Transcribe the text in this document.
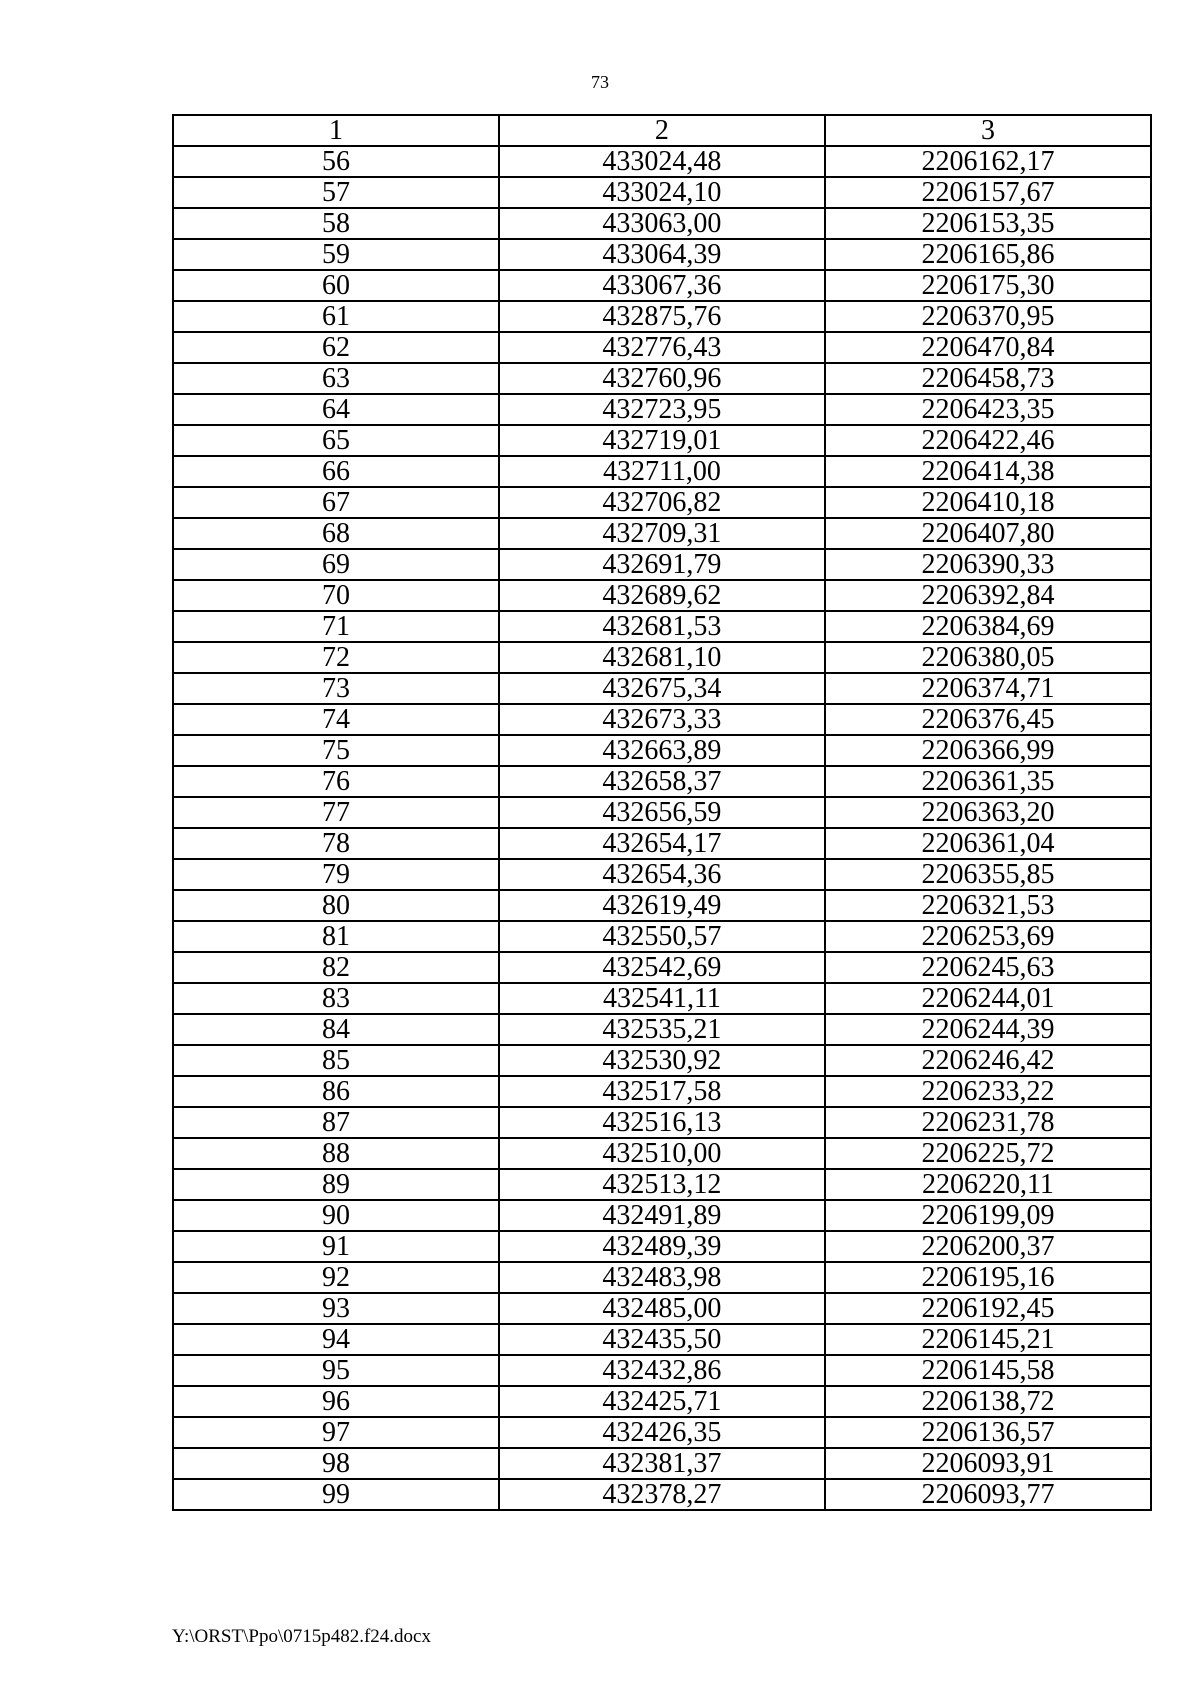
73
1	2	3
56	433024,48	2206162,17
57	433024,10	2206157,67
58	433063,00	2206153,35
59	433064,39	2206165,86
60	433067,36	2206175,30
61	432875,76	2206370,95
62	432776,43	2206470,84
63	432760,96	2206458,73
64	432723,95	2206423,35
65	432719,01	2206422,46
66	432711,00	2206414,38
67	432706,82	2206410,18
68	432709,31	2206407,80
69	432691,79	2206390,33
70	432689,62	2206392,84
71	432681,53	2206384,69
72	432681,10	2206380,05
73	432675,34	2206374,71
74	432673,33	2206376,45
75	432663,89	2206366,99
76	432658,37	2206361,35
77	432656,59	2206363,20
78	432654,17	2206361,04
79	432654,36	2206355,85
80	432619,49	2206321,53
81	432550,57	2206253,69
82	432542,69	2206245,63
83	432541,11	2206244,01
84	432535,21	2206244,39
85	432530,92	2206246,42
86	432517,58	2206233,22
87	432516,13	2206231,78
88	432510,00	2206225,72
89	432513,12	2206220,11
90	432491,89	2206199,09
91	432489,39	2206200,37
92	432483,98	2206195,16
93	432485,00	2206192,45
94	432435,50	2206145,21
95	432432,86	2206145,58
96	432425,71	2206138,72
97	432426,35	2206136,57
98	432381,37	2206093,91
99	432378,27	2206093,77
Y:\ORST\Ppo\0715p482.f24.docx
